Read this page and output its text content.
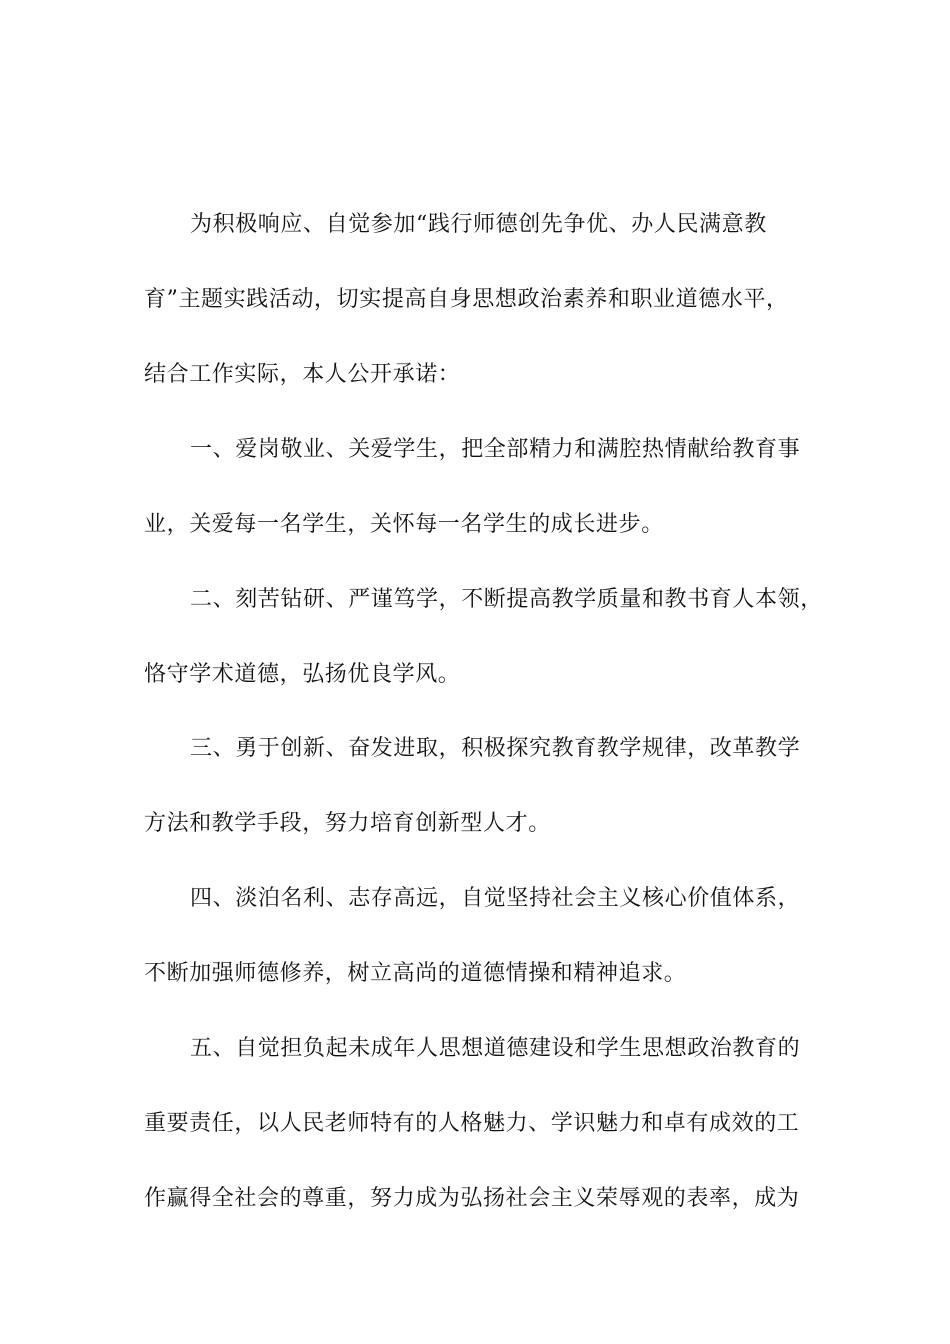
为积极响应、自觉参加“践行师德创先争优、办人民满意教
育”主题实践活动，切实提高自身思想政治素养和职业道德水平，
结合工作实际，本人公开承诺：
一、爱岗敬业、关爱学生，把全部精力和满腔热情献给教育事
业，关爱每一名学生，关怀每一名学生的成长进步。
二、刻苦钻研、严谨笃学，不断提高教学质量和教书育人本领，
恪守学术道德，弘扬优良学风。
三、勇于创新、奋发进取，积极探究教育教学规律，改革教学
方法和教学手段，努力培育创新型人才。
四、淡泊名利、志存高远，自觉坚持社会主义核心价值体系，
不断加强师德修养，树立高尚的道德情操和精神追求。
五、自觉担负起未成年人思想道德建设和学生思想政治教育的
重要责任，以人民老师特有的人格魅力、学识魅力和卓有成效的工
作赢得全社会的尊重，努力成为弘扬社会主义荣辱观的表率，成为
